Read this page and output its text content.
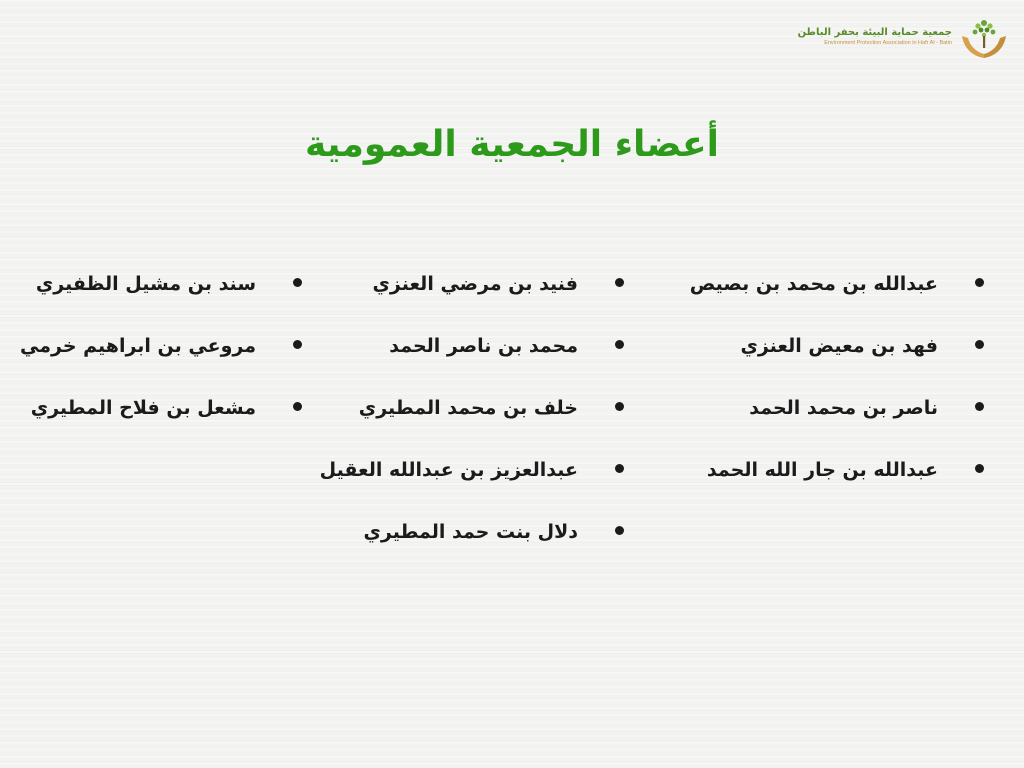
جمعية حماية البيئة بحفر الباطن
Environment Protection Association in Hafr Al - Batin
أعضاء الجمعية العمومية
عبدالله بن محمد بن بصيص
فهد بن معيض العنزي
ناصر بن محمد الحمد
عبدالله بن جار الله الحمد
فنيد بن مرضي العنزي
محمد بن ناصر الحمد
خلف بن محمد المطيري
عبدالعزيز بن عبدالله العقيل
دلال بنت حمد المطيري
سند بن مشيل الظفيري
مروعي بن ابراهيم خرمي
مشعل بن فلاح المطيري
